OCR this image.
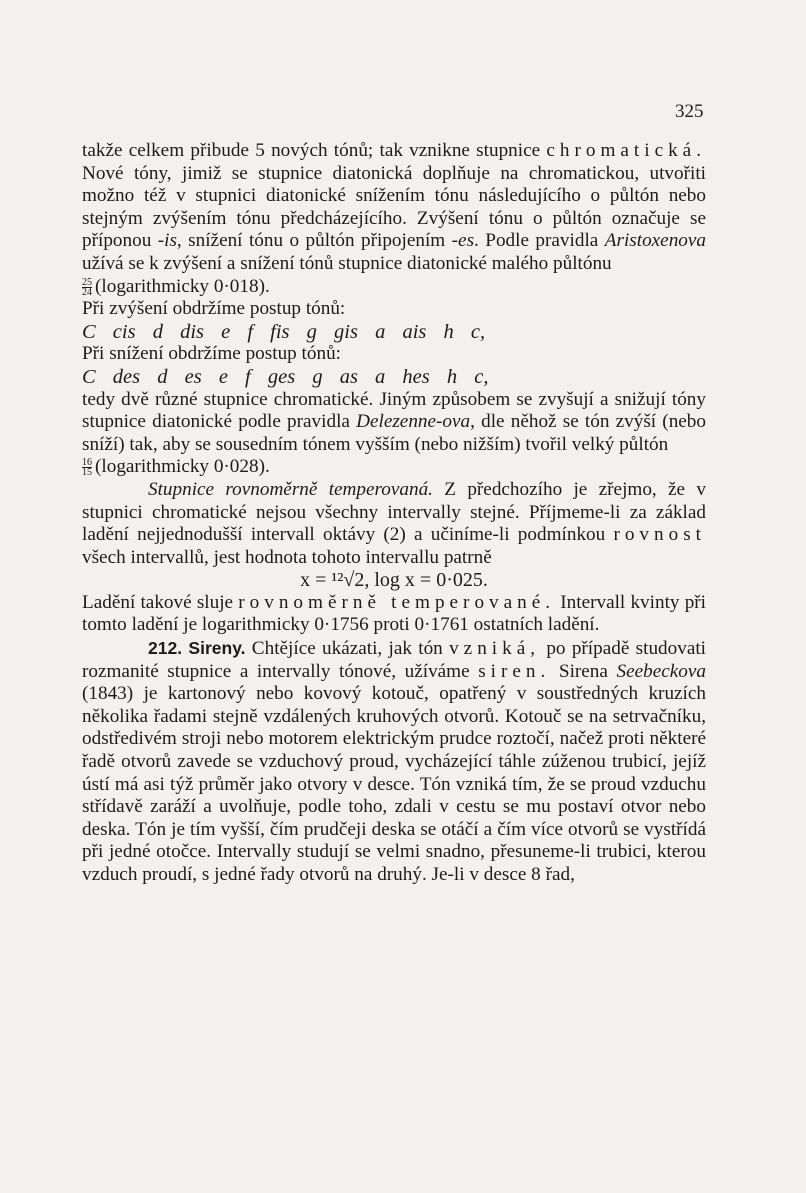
325

takže celkem přibude 5 nových tónů; tak vznikne stupnice chromatická. Nové tóny, jimiž se stupnice diatonická doplňuje na chromatickou, utvořiti možno též v stupnici diatonické snížením tónu následujícího o půltón nebo stejným zvýšením tónu předcházejícího. Zvýšení tónu o půltón označuje se příponou -is, snížení tónu o půltón připojením -es. Podle pravidla Aristoxenova užívá se k zvýšení a snížení tónů stupnice diatonické malého půltónu

$\frac{25}{24}$ (logarithmicky 0·018).

Při zvýšení obdržíme postup tónů:

C cis d dis e f fis g gis a ais h c,

Při snížení obdržíme postup tónů:

C des d es e f ges g as a hes h c,

tedy dvě různé stupnice chromatické. Jiným způsobem se zvyšují a snižují tóny stupnice diatonické podle pravidla Delezenne-ova, dle něhož se tón zvýší (nebo sníží) tak, aby se sousedním tónem vyšším (nebo nižším) tvořil velký půltón

$\frac{16}{15}$ (logarithmicky 0·028).

Stupnice rovnoměrně temperovaná. Z předchozího je zřejmo, že v stupnici chromatické nejsou všechny intervally stejné. Příjmeme-li za základ ladění nejjednodušší intervall oktávy (2) a učiníme-li podmínkou rovnost všech intervallů, jest hodnota tohoto intervallu patrně

x = ¹²√2, log x = 0·025.

Ladění takové sluje rovnoměrně temperované. Intervall kvinty při tomto ladění je logarithmicky 0·1756 proti 0·1761 ostatních ladění.

212. Sireny. Chtějíce ukázati, jak tón vzniká, po případě studovati rozmanité stupnice a intervally tónové, užíváme siren. Sirena Seebeckova (1843) je kartonový nebo kovový kotouč, opatřený v soustředných kruzích několika řadami stejně vzdálených kruhových otvorů. Kotouč se na setrvačníku, odstředivém stroji nebo motorem elektrickým prudce roztočí, načež proti některé řadě otvorů zavede se vzduchový proud, vycházející táhle zúženou trubicí, jejíž ústí má asi týž průměr jako otvory v desce. Tón vzniká tím, že se proud vzduchu střídavě zaráží a uvolňuje, podle toho, zdali v cestu se mu postaví otvor nebo deska. Tón je tím vyšší, čím prudčeji deska se otáčí a čím více otvorů se vystřídá při jedné otočce. Intervally studují se velmi snadno, přesuneme-li trubici, kterou vzduch proudí, s jedné řady otvorů na druhý. Je-li v desce 8 řad,
